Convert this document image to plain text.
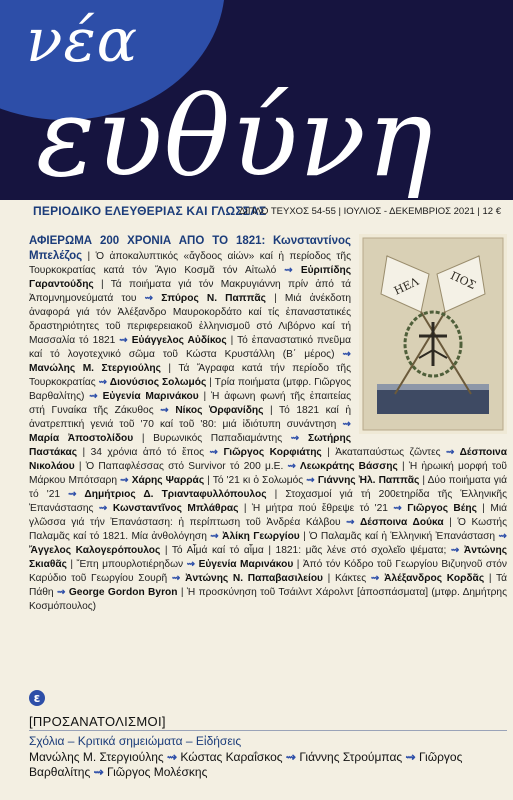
νέα
ευθύνη
ΠΕΡΙΟΔΙΚΟ ΕΛΕΥΘΕΡΙΑΣ ΚΑΙ ΓΛΩΣΣΑΣ
ΔΙΠΛΟ ΤΕΥΧΟΣ 54-55 | ΙΟΥΛΙΟΣ - ΔΕΚΕΜΒΡΙΟΣ 2021 | 12 €
ΗΕΛ	ΠΟΣ
ΑΦΙΕΡΩΜΑ 200 ΧΡΟΝΙΑ ΑΠΟ ΤΟ 1821: Κωνσταντίνος Μπελέζος | Ὁ ἀποκαλυπτικός «ἄγδοος αἰών» καί ἡ περίοδος τῆς Τουρκοκρατίας κατά τόν Ἅγιο Κοσμᾶ τόν Αἰτωλό ⇝ Εὐριπίδης Γαραντούδης | Τά ποιήματα γιά τόν Μακρυγιάννη πρίν ἀπό τά Ἀπομνημονεύματά του ⇝ Σπύρος Ν. Παππᾶς | Μιά ἀνέκδοτη ἀναφορά γιά τόν Ἀλέξανδρο Μαυροκορδάτο καί τίς ἐπαναστατικές δραστηριότητες τοῦ περιφερειακοῦ ἑλληνισμοῦ στό Λιβόρνο καί τή Μασσαλία τό 1821 ⇝ Εὐάγγελος Αὐδίκος | Τό ἐπαναστατικό πνεῦμα καί τό λογοτεχνικό σῶμα τοῦ Κώστα Κρυστάλλη (Β΄ μέρος) ⇝ Μανώλης Μ. Στεργιούλης | Τά Ἄγραφα κατά τήν περίοδο τῆς Τουρκοκρατίας ⇝ Διονύσιος Σολωμός | Τρία ποιήματα (μτφρ. Γιῶργος Βαρθαλίτης) ⇝ Εὐγενία Μαρινάκου | Ἡ ἀφωνη φωνή τῆς ἐπαιτείας στή Γυναίκα τῆς Ζάκυθος ⇝ Νίκος Ὀρφανίδης | Τό 1821 καί ἡ ἀνατρεπτική γενιά τοῦ '70 καί τοῦ '80: μιά ἰδιότυπη συνάντηση ⇝ Μαρία Ἀποστολίδου | Βυρωνικός Παπαδιαμάντης ⇝ Σωτήρης Παστάκας | 34 χρόνια ἀπό τό ἔπος ⇝ Γιῶργος Κορφιάτης | Ἀκαταπαύστως ζῶντες ⇝ Δέσποινα Νικολάου | Ὁ Παπαφλέσσας στό Survivor τό 200 μ.Ε. ⇝ Λεωκράτης Βάσσης | Ἡ ἡρωική μορφή τοῦ Μάρκου Μπότσαρη ⇝ Χάρης Ψαρράς | Τό '21 κι ὁ Σολωμός ⇝ Γιάννης Ἠλ. Παππᾶς | Δύο ποιήματα γιά τό '21 ⇝ Δημήτριος Δ. Τριανταφυλλόπουλος | Στοχασμοί γιά τή 200ετηρίδα τῆς Ἑλληνικῆς Ἐπανάστασης ⇝ Κωνσταντῖνος Μπλάθρας | Ἡ μήτρα πού ἔθρεψε τό '21 ⇝ Γιῶργος Βέης | Μιά γλῶσσα γιά τήν Ἐπανάσταση: ἡ περίπτωση τοῦ Ἀνδρέα Κάλβου ⇝ Δέσποινα Δούκα | Ὁ Κωστής Παλαμᾶς καί τό 1821. Μία ἀνθολόγηση ⇝ Ἀλίκη Γεωργίου | Ὁ Παλαμᾶς καί ἡ Ἑλληνική Ἐπανάσταση ⇝ Ἄγγελος Καλογερόπουλος | Τό Αἷμά καί τό αἷμα | 1821: μᾶς λένε στό σχολεῖο ψέματα; ⇝ Ἀντώνης Σκιαθᾶς | Ἔπη μπουρλοτιέρηδων ⇝ Εὐγενία Μαρινάκου | Ἀπό τόν Κόδρο τοῦ Γεωργίου Βιζυηνοῦ στόν Καρύδιο τοῦ Γεωργίου Σουρῆ ⇝ Ἀντώνης Ν. Παπαβασιλείου | Κάκτες ⇝ Ἀλέξανδρος Κορδᾶς | Τά Πάθη ⇝ George Gordon Byron | Ἡ προσκύνηση τοῦ Τσάιλντ Χάρολντ [ἀποσπάσματα] (μτφρ. Δημήτρης Κοσμόπουλος)
ε
[ΠΡΟΣΑΝΑΤΟΛΙΣΜΟΙ]
Σχόλια – Κριτικά σημειώματα – Εἰδήσεις
Μανώλης Μ. Στεργιούλης ⇝ Κώστας Καραΐσκος ⇝ Γιάννης Στρούμπας ⇝ Γιῶργος Βαρθαλίτης ⇝ Γιῶργος Μολέσκης
